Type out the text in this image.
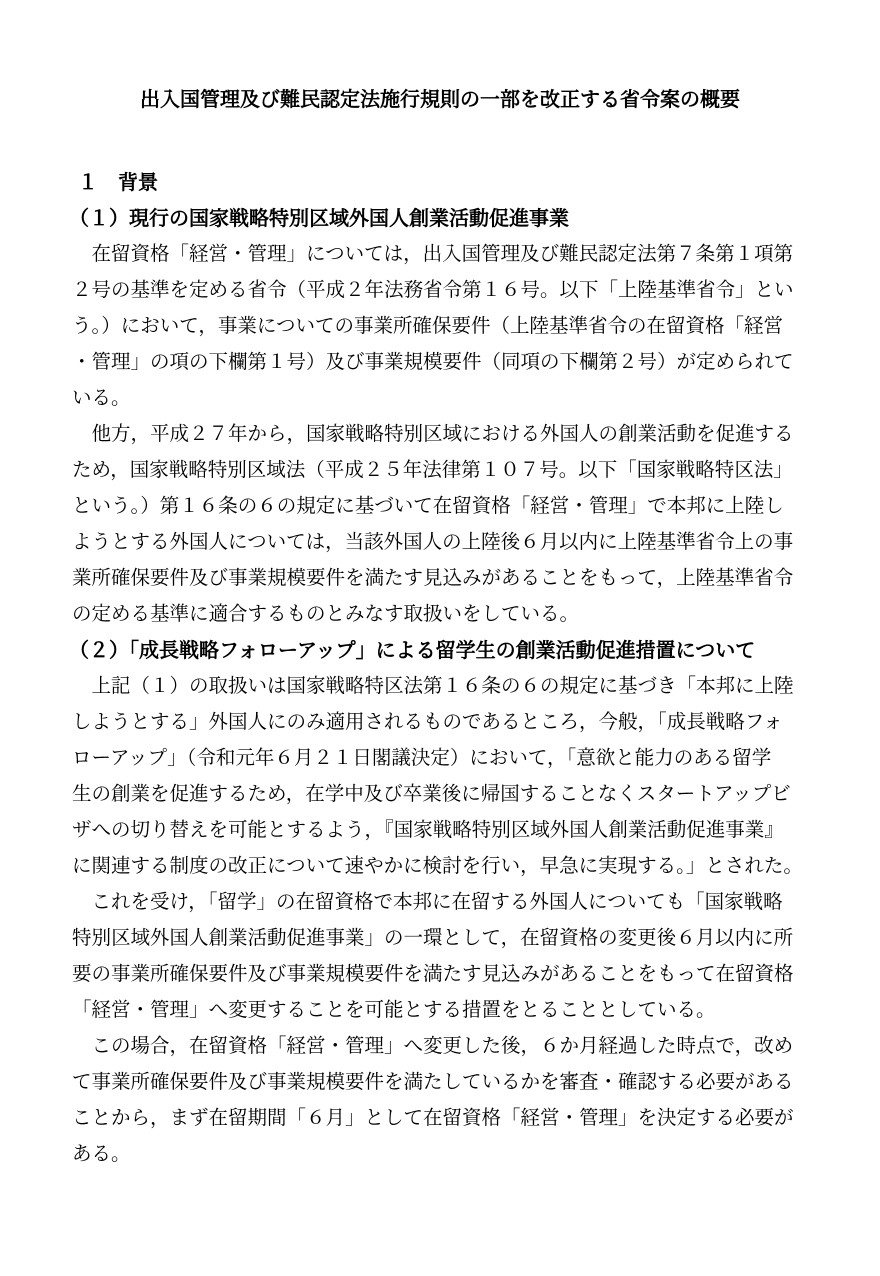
出入国管理及び難民認定法施行規則の一部を改正する省令案の概要
１　背景
（１）現行の国家戦略特別区域外国人創業活動促進事業

　在留資格「経営・管理」については，出入国管理及び難民認定法第７条第１項第

２号の基準を定める省令（平成２年法務省令第１６号。以下「上陸基準省令」とい

う。）において，事業についての事業所確保要件（上陸基準省令の在留資格「経営

・管理」の項の下欄第１号）及び事業規模要件（同項の下欄第２号）が定められて

いる。

　他方，平成２７年から，国家戦略特別区域における外国人の創業活動を促進する

ため，国家戦略特別区域法（平成２５年法律第１０７号。以下「国家戦略特区法」

という。）第１６条の６の規定に基づいて在留資格「経営・管理」で本邦に上陸し

ようとする外国人については，当該外国人の上陸後６月以内に上陸基準省令上の事

業所確保要件及び事業規模要件を満たす見込みがあることをもって，上陸基準省令

の定める基準に適合するものとみなす取扱いをしている。

（２）「成長戦略フォローアップ」による留学生の創業活動促進措置について

　上記（１）の取扱いは国家戦略特区法第１６条の６の規定に基づき「本邦に上陸

しようとする」外国人にのみ適用されるものであるところ，今般，「成長戦略フォ

ローアップ」（令和元年６月２１日閣議決定）において，「意欲と能力のある留学

生の創業を促進するため，在学中及び卒業後に帰国することなくスタートアップビ

ザへの切り替えを可能とするよう，『国家戦略特別区域外国人創業活動促進事業』

に関連する制度の改正について速やかに検討を行い，早急に実現する。」とされた。

　これを受け，「留学」の在留資格で本邦に在留する外国人についても「国家戦略

特別区域外国人創業活動促進事業」の一環として，在留資格の変更後６月以内に所

要の事業所確保要件及び事業規模要件を満たす見込みがあることをもって在留資格

「経営・管理」へ変更することを可能とする措置をとることとしている。

　この場合，在留資格「経営・管理」へ変更した後，６か月経過した時点で，改め

て事業所確保要件及び事業規模要件を満たしているかを審査・確認する必要がある

ことから，まず在留期間「６月」として在留資格「経営・管理」を決定する必要が

ある。
